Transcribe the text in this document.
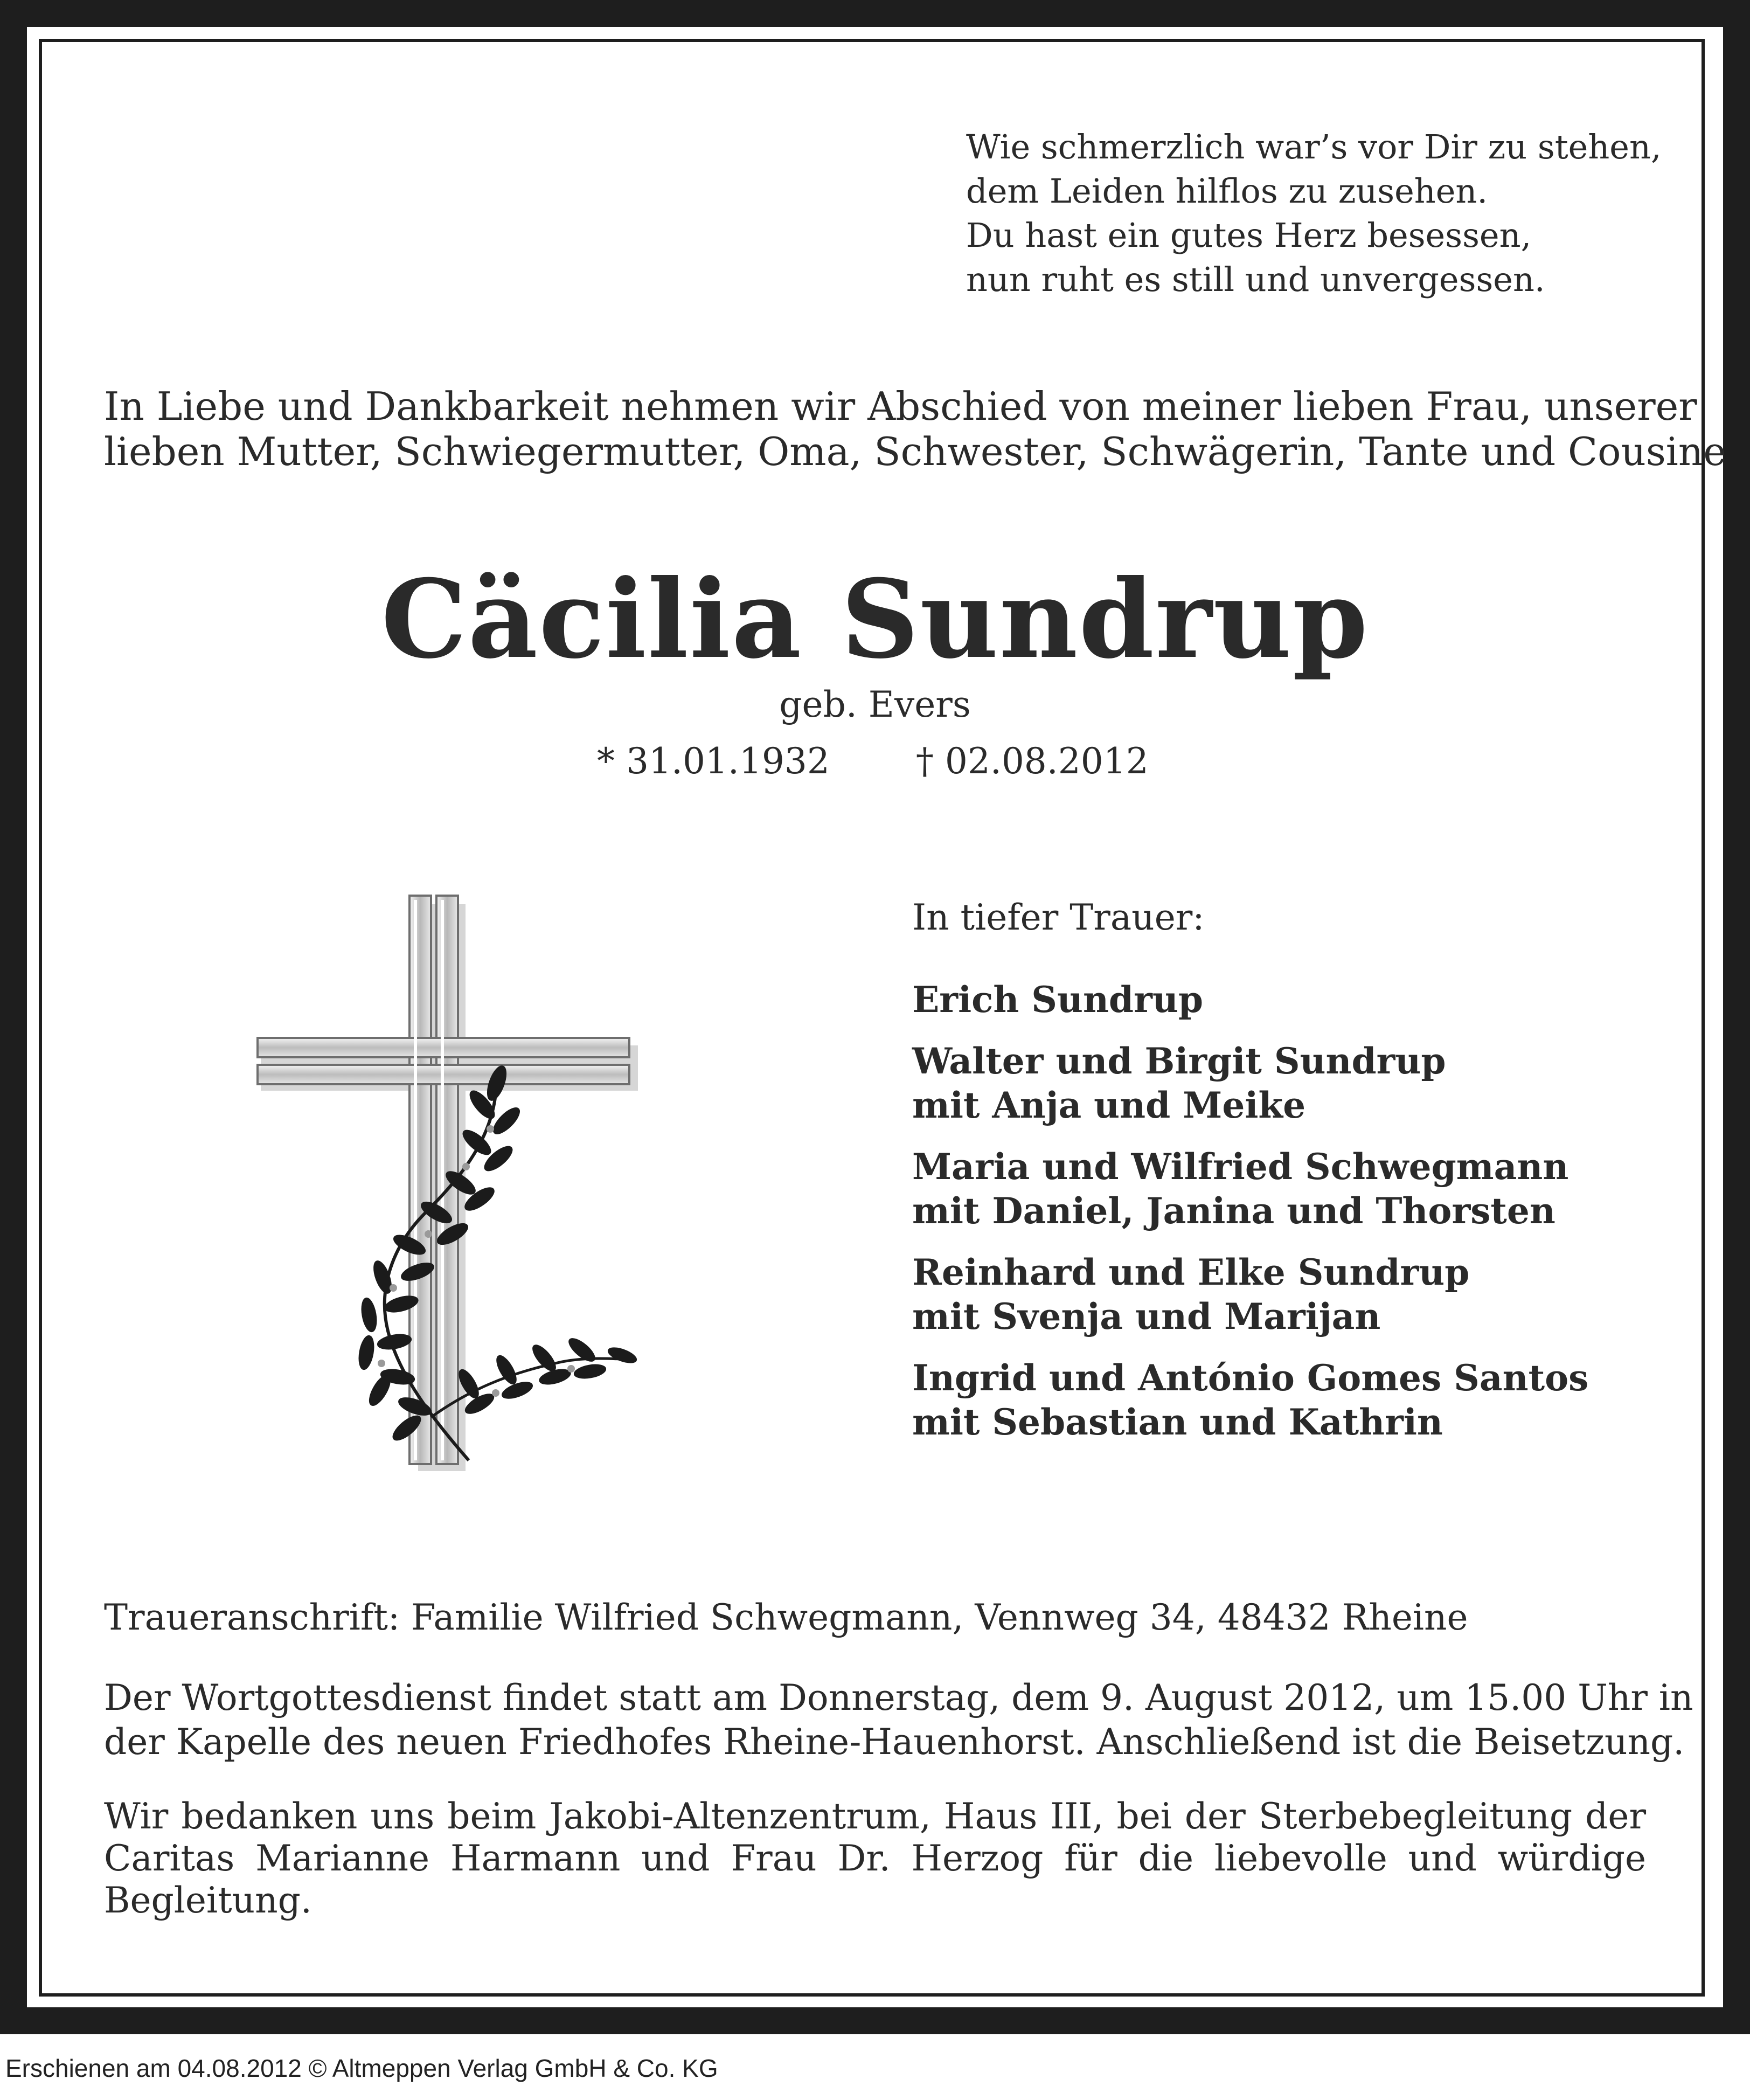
Wie schmerzlich war’s vor Dir zu stehen,
dem Leiden hilflos zu zusehen.
Du hast ein gutes Herz besessen,
nun ruht es still und unvergessen.
In Liebe und Dankbarkeit nehmen wir Abschied von meiner lieben Frau, unserer
lieben Mutter, Schwiegermutter, Oma, Schwester, Schwägerin, Tante und Cousine
Cäcilia Sundrup
geb. Evers
* 31.01.1932 † 02.08.2012
In tiefer Trauer:
Erich Sundrup
Walter und Birgit Sundrup
mit Anja und Meike
Maria und Wilfried Schwegmann
mit Daniel, Janina und Thorsten
Reinhard und Elke Sundrup
mit Svenja und Marijan
Ingrid und António Gomes Santos
mit Sebastian und Kathrin
Traueranschrift: Familie Wilfried Schwegmann, Vennweg 34, 48432 Rheine
Der Wortgottesdienst findet statt am Donnerstag, dem 9. August 2012, um 15.00 Uhr in
der Kapelle des neuen Friedhofes Rheine-Hauenhorst. Anschließend ist die Beisetzung.
Wir bedanken uns beim Jakobi-Altenzentrum, Haus III, bei der Sterbebegleitung der
Caritas Marianne Harmann und Frau Dr. Herzog für die liebevolle und würdige
Begleitung.
Erschienen am 04.08.2012 © Altmeppen Verlag GmbH & Co. KG
